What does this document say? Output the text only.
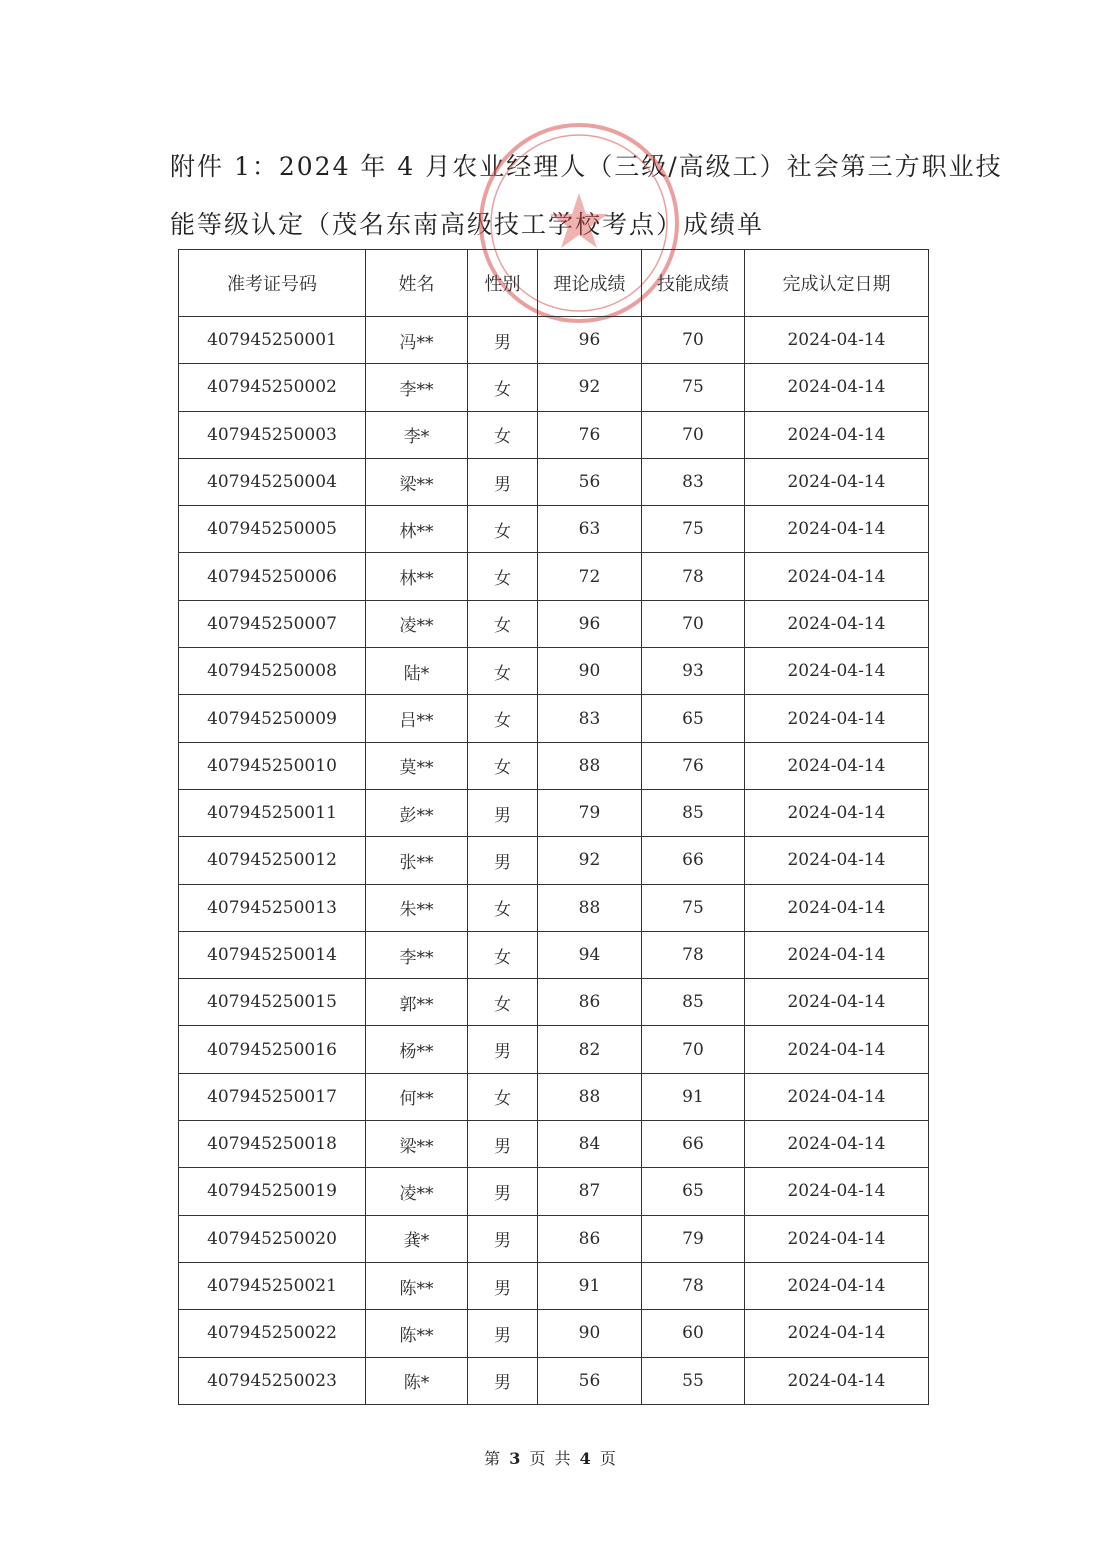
附件 1：2024 年 4 月农业经理人（三级/高级工）社会第三方职业技
能等级认定（茂名东南高级技工学校考点）成绩单
准考证号码	姓名	性别	理论成绩	技能成绩	完成认定日期
407945250001	冯**	男	96	70	2024-04-14
407945250002	李**	女	92	75	2024-04-14
407945250003	李*	女	76	70	2024-04-14
407945250004	梁**	男	56	83	2024-04-14
407945250005	林**	女	63	75	2024-04-14
407945250006	林**	女	72	78	2024-04-14
407945250007	凌**	女	96	70	2024-04-14
407945250008	陆*	女	90	93	2024-04-14
407945250009	吕**	女	83	65	2024-04-14
407945250010	莫**	女	88	76	2024-04-14
407945250011	彭**	男	79	85	2024-04-14
407945250012	张**	男	92	66	2024-04-14
407945250013	朱**	女	88	75	2024-04-14
407945250014	李**	女	94	78	2024-04-14
407945250015	郭**	女	86	85	2024-04-14
407945250016	杨**	男	82	70	2024-04-14
407945250017	何**	女	88	91	2024-04-14
407945250018	梁**	男	84	66	2024-04-14
407945250019	凌**	男	87	65	2024-04-14
407945250020	龚*	男	86	79	2024-04-14
407945250021	陈**	男	91	78	2024-04-14
407945250022	陈**	男	90	60	2024-04-14
407945250023	陈*	男	56	55	2024-04-14
第 3 页 共 4 页
